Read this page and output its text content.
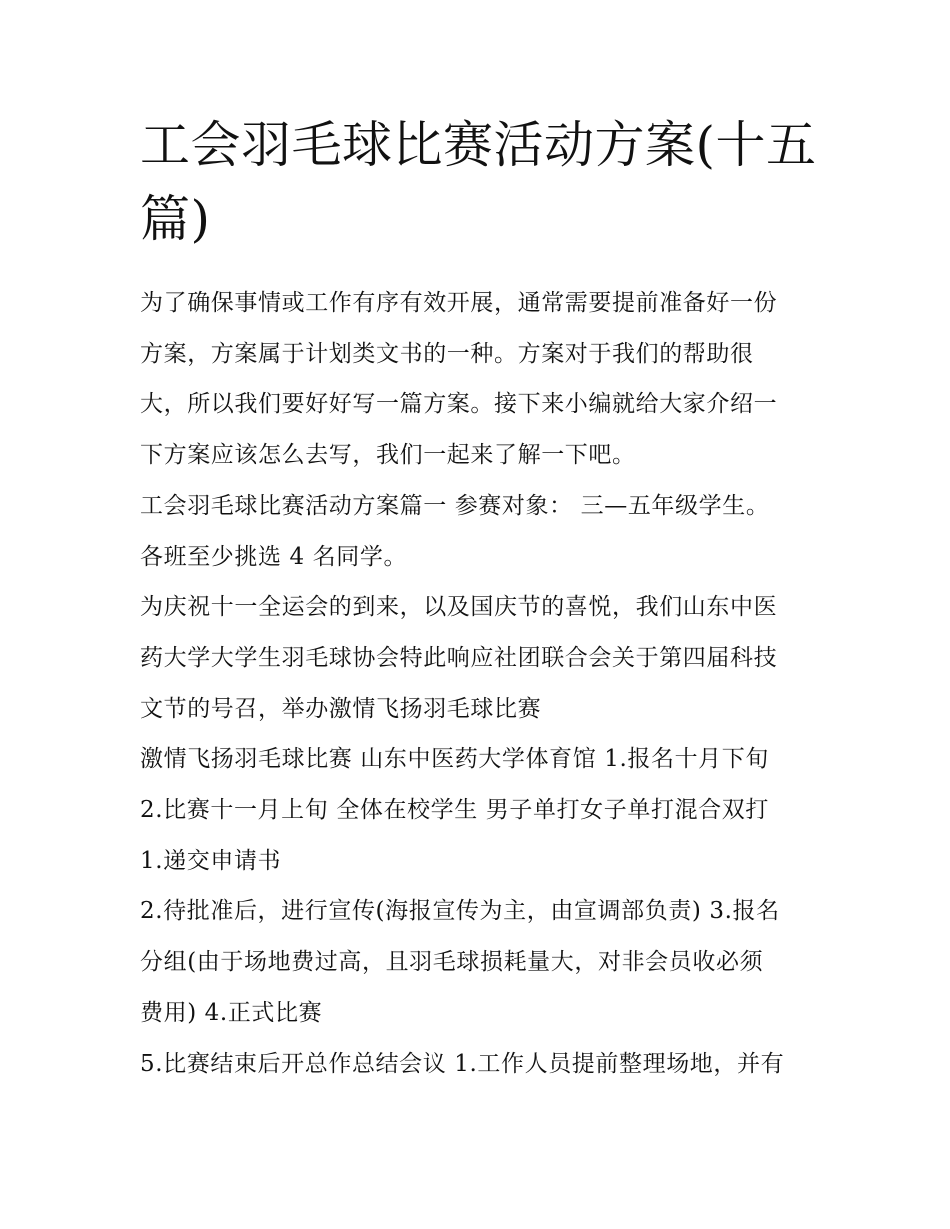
工会羽毛球比赛活动方案(十五篇)

为了确保事情或工作有序有效开展，通常需要提前准备好一份

方案，方案属于计划类文书的一种。方案对于我们的帮助很

大，所以我们要好好写一篇方案。接下来小编就给大家介绍一

下方案应该怎么去写，我们一起来了解一下吧。

工会羽毛球比赛活动方案篇一 参赛对象： 三—五年级学生。

各班至少挑选 4 名同学。

为庆祝十一全运会的到来，以及国庆节的喜悦，我们山东中医

药大学大学生羽毛球协会特此响应社团联合会关于第四届科技

文节的号召，举办激情飞扬羽毛球比赛

激情飞扬羽毛球比赛 山东中医药大学体育馆 1.报名十月下旬

2.比赛十一月上旬 全体在校学生 男子单打女子单打混合双打

1.递交申请书

2.待批准后，进行宣传(海报宣传为主，由宣调部负责) 3.报名

分组(由于场地费过高，且羽毛球损耗量大，对非会员收必须

费用) 4.正式比赛

5.比赛结束后开总作总结会议 1.工作人员提前整理场地，并有
